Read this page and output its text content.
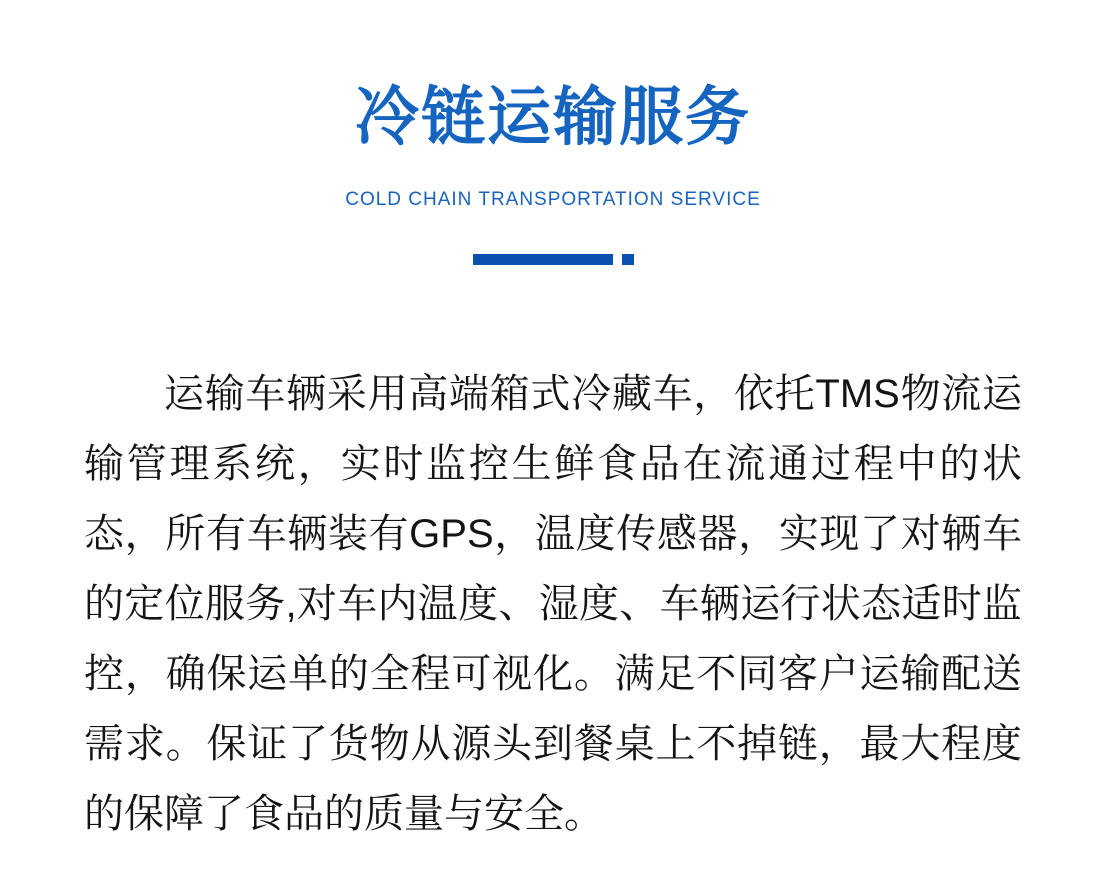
冷链运输服务

COLD CHAIN TRANSPORTATION SERVICE

运输车辆采用高端箱式冷藏车，依托TMS物流运输管理系统，实时监控生鲜食品在流通过程中的状态，所有车辆装有GPS，温度传感器，实现了对辆车的定位服务,对车内温度、湿度、车辆运行状态适时监控，确保运单的全程可视化。满足不同客户运输配送需求。保证了货物从源头到餐桌上不掉链，最大程度的保障了食品的质量与安全。
